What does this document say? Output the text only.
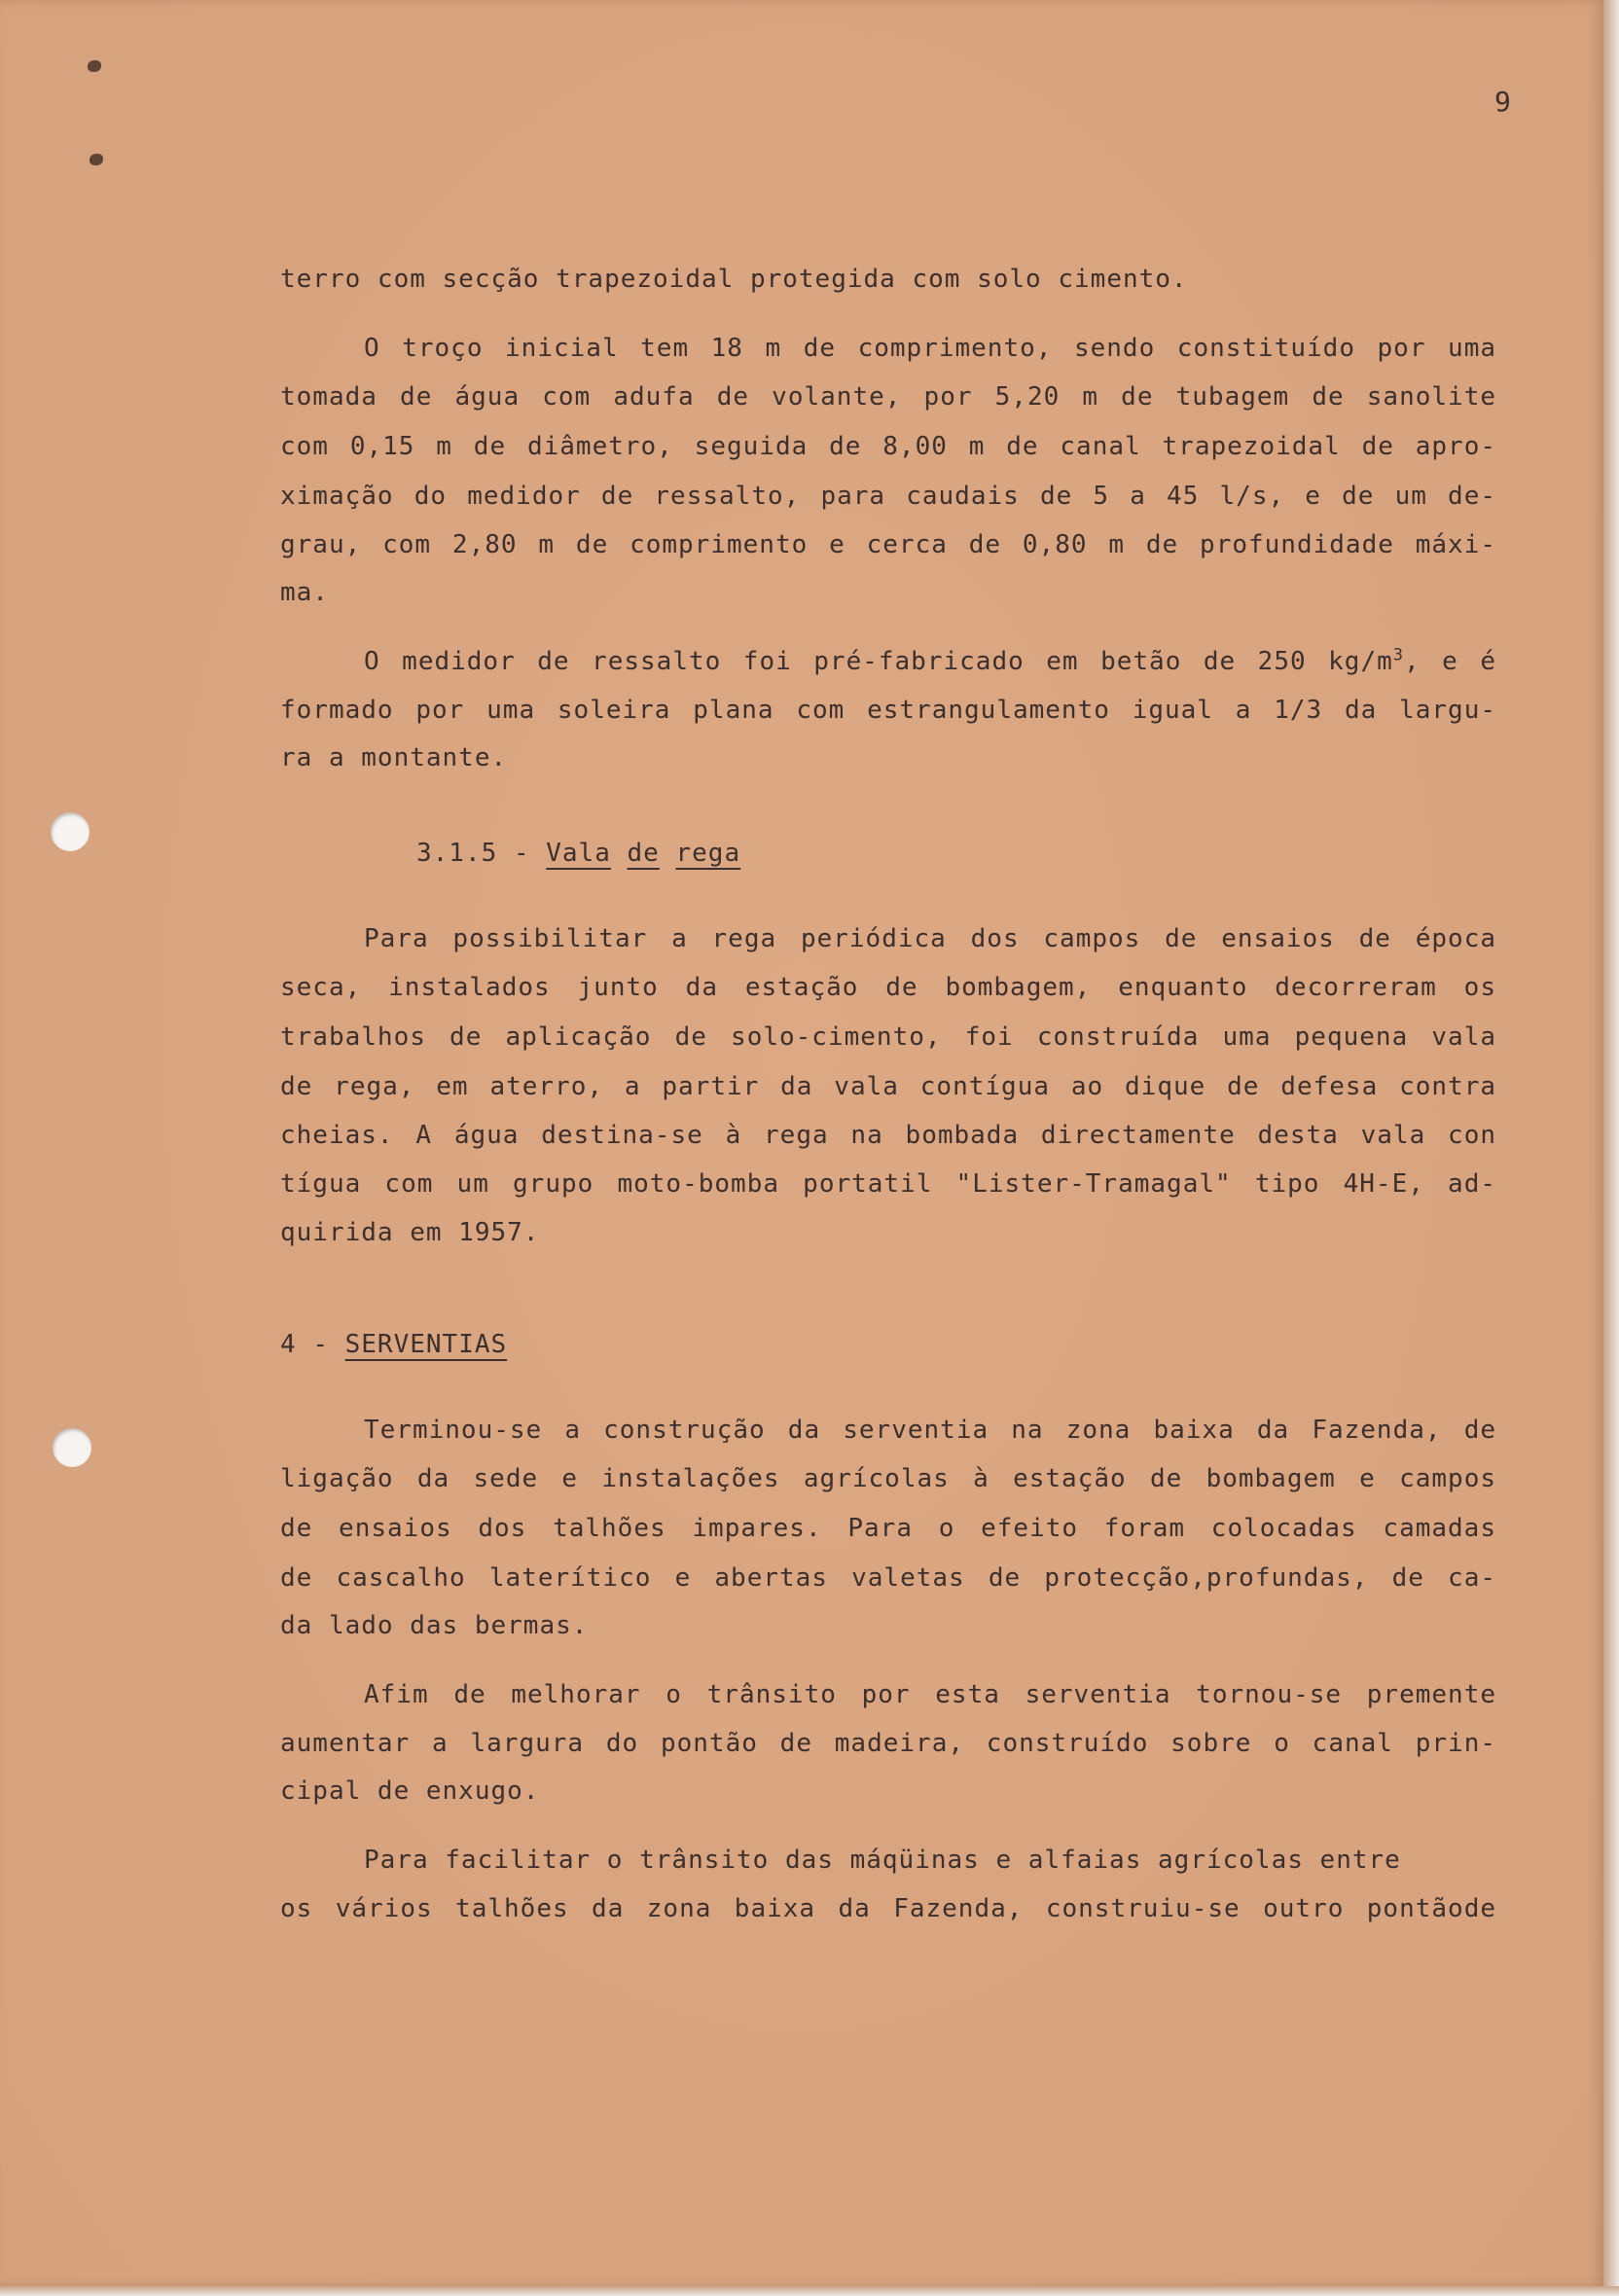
9
terro com secção trapezoidal protegida com solo cimento.
O troço inicial tem 18 m de comprimento, sendo constituído por uma
tomada de água com adufa de volante, por 5,20 m de tubagem de sanolite
com 0,15 m de diâmetro, seguida de 8,00 m de canal trapezoidal de apro-
ximação do medidor de ressalto, para caudais de 5 a 45 l/s, e de um de-
grau, com 2,80 m de comprimento e cerca de 0,80 m de profundidade máxi-
ma.
O medidor de ressalto foi pré-fabricado em betão de 250 $kg/m^3$, e é
formado por uma soleira plana com estrangulamento igual a 1/3 da largu-
ra a montante.
3.1.5 - Vala de rega
Para possibilitar a rega periódica dos campos de ensaios de época
seca, instalados junto da estação de bombagem, enquanto decorreram os
trabalhos de aplicação de solo-cimento, foi construída uma pequena vala
de rega, em aterro, a partir da vala contígua ao dique de defesa contra
cheias. A água destina-se à rega na bombada directamente desta vala con
tígua com um grupo moto-bomba portatil "Lister-Tramagal" tipo 4H-E, ad-
quirida em 1957.
4 - SERVENTIAS
Terminou-se a construção da serventia na zona baixa da Fazenda, de
ligação da sede e instalações agrícolas à estação de bombagem e campos
de ensaios dos talhões impares. Para o efeito foram colocadas camadas
de cascalho laterítico e abertas valetas de protecção,profundas, de ca-
da lado das bermas.
Afim de melhorar o trânsito por esta serventia tornou-se premente
aumentar a largura do pontão de madeira, construído sobre o canal prin-
cipal de enxugo.
Para facilitar o trânsito das máqüinas e alfaias agrícolas entre
os vários talhões da zona baixa da Fazenda, construiu-se outro pontãode
